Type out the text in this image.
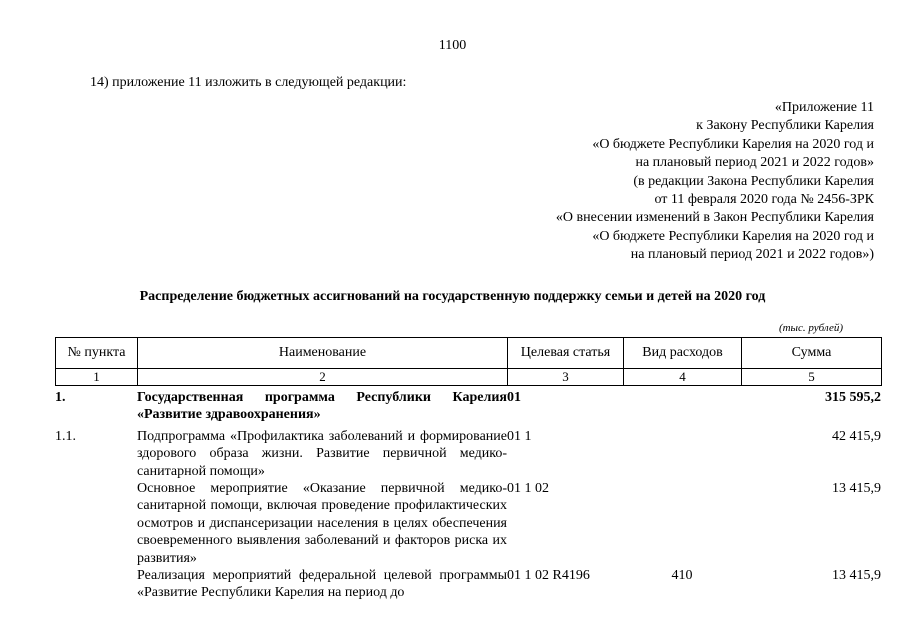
1100
14) приложение 11 изложить в следующей редакции:
«Приложение 11
к Закону Республики Карелия
«О бюджете Республики Карелия на 2020 год и
на плановый период 2021 и 2022 годов»
(в редакции Закона Республики Карелия
от 11 февраля 2020 года № 2456-ЗРК
«О внесении изменений в Закон Республики Карелия
«О бюджете Республики Карелия на 2020 год и
на плановый период 2021 и 2022 годов»)
Распределение бюджетных ассигнований на государственную поддержку семьи и детей на 2020 год
(тыс. рублей)
№ пункта	Наименование	Целевая статья	Вид расходов	Сумма
1	2	3	4	5
1.	Государственная программа Республики Карелия «Развитие здравоохранения»	01		315 595,2
1.1.	Подпрограмма «Профилактика заболеваний и формирование здорового образа жизни. Развитие первичной медико-санитарной помощи»	01 1		42 415,9
	Основное мероприятие «Оказание первичной медико-санитарной помощи, включая проведение профилактических осмотров и диспансеризации населения в целях обеспечения своевременного выявления заболеваний и факторов риска их развития»	01 1 02		13 415,9
	Реализация мероприятий федеральной целевой программы «Развитие Республики Карелия на период до	01 1 02 R4196	410	13 415,9
